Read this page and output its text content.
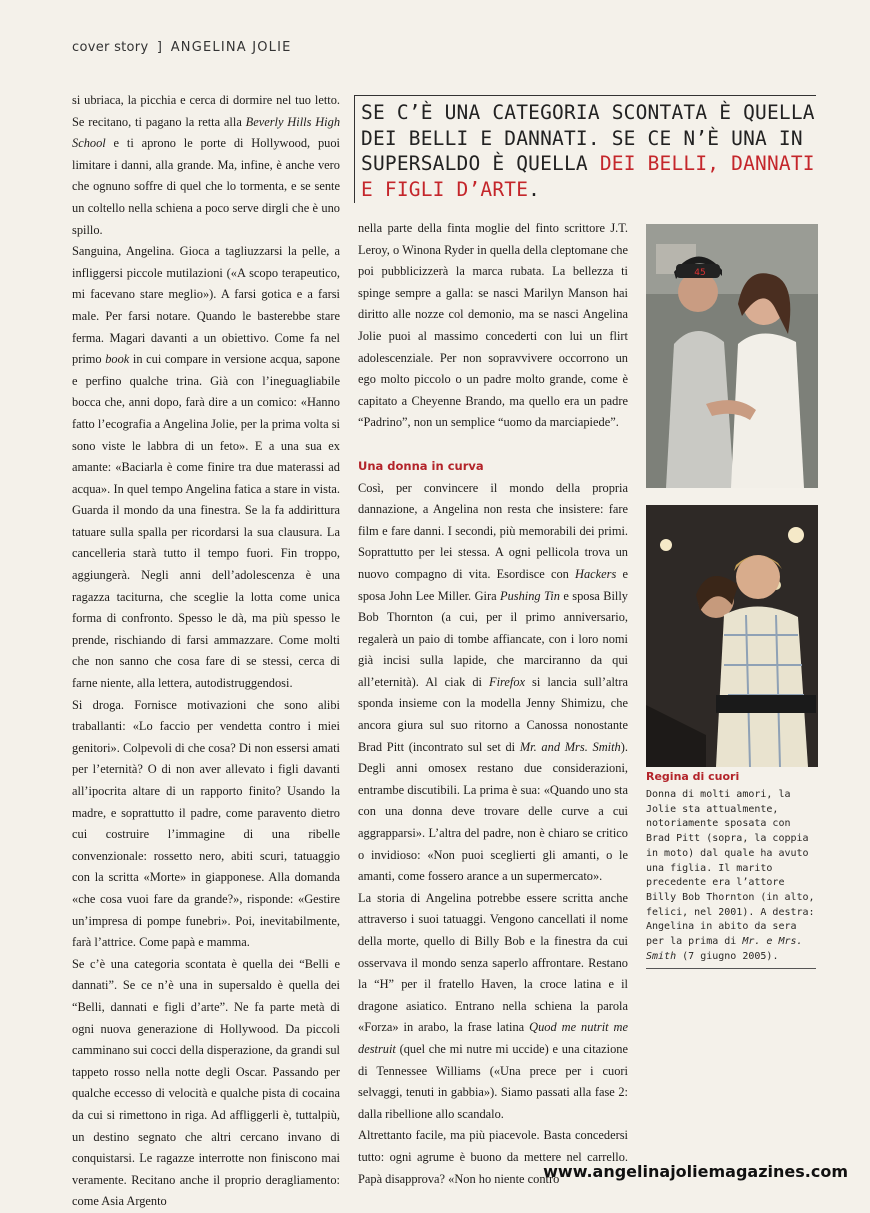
cover story ] ANGELINA JOLIE

si ubriaca, la picchia e cerca di dormire nel tuo letto. Se recitano, ti pagano la retta alla Beverly Hills High School e ti aprono le porte di Hollywood, puoi limitare i danni, alla grande. Ma, infine, è anche vero che ognuno soffre di quel che lo tormenta, e se sente un coltello nella schiena a poco serve dirgli che è uno spillo.

Sanguina, Angelina. Gioca a tagliuzzarsi la pelle, a infliggersi piccole mutilazioni («A scopo terapeutico, mi facevano stare meglio»). A farsi gotica e a farsi male. Per farsi notare. Quando le basterebbe stare ferma. Magari davanti a un obiettivo. Come fa nel primo book in cui compare in versione acqua, sapone e perfino qualche trina. Già con l’ineguagliabile bocca che, anni dopo, farà dire a un comico: «Hanno fatto l’ecografia a Angelina Jolie, per la prima volta si sono viste le labbra di un feto». E a una sua ex amante: «Baciarla è come finire tra due materassi ad acqua». In quel tempo Angelina fatica a stare in vista. Guarda il mondo da una finestra. Se la fa addirittura tatuare sulla spalla per ricordarsi la sua clausura. La cancelleria starà tutto il tempo fuori. Fin troppo, aggiungerà. Negli anni dell’adolescenza è una ragazza taciturna, che sceglie la lotta come unica forma di confronto. Spesso le dà, ma più spesso le prende, rischiando di farsi ammazzare. Come molti che non sanno che cosa fare di se stessi, cerca di farne niente, alla lettera, autodistruggendosi.

Si droga. Fornisce motivazioni che sono alibi traballanti: «Lo faccio per vendetta contro i miei genitori». Colpevoli di che cosa? Di non essersi amati per l’eternità? O di non aver allevato i figli davanti all’ipocrita altare di un rapporto finito? Usando la madre, e soprattutto il padre, come paravento dietro cui costruire l’immagine di una ribelle convenzionale: rossetto nero, abiti scuri, tatuaggio con la scritta «Morte» in giapponese. Alla domanda «che cosa vuoi fare da grande?», risponde: «Gestire un’impresa di pompe funebri». Poi, inevitabilmente, farà l’attrice. Come papà e mamma.

Se c’è una categoria scontata è quella dei “Belli e dannati”. Se ce n’è una in supersaldo è quella dei “Belli, dannati e figli d’arte”. Ne fa parte metà di ogni nuova generazione di Hollywood. Da piccoli camminano sui cocci della disperazione, da grandi sul tappeto rosso nella notte degli Oscar. Passando per qualche eccesso di velocità e qualche pista di cocaina da cui si rimettono in riga. Ad affliggerli è, tuttalpiù, un destino segnato che altri cercano invano di conquistarsi. Le ragazze interrotte non finiscono mai veramente. Recitano anche il proprio deragliamento: come Asia Argento

SE C’È UNA CATEGORIA SCONTATA È QUELLA DEI BELLI E DANNATI. SE CE N’È UNA IN SUPERSALDO È QUELLA DEI BELLI, DANNATI E FIGLI D’ARTE.

nella parte della finta moglie del finto scrittore J.T. Leroy, o Winona Ryder in quella della cleptomane che poi pubblicizzerà la marca rubata. La bellezza ti spinge sempre a galla: se nasci Marilyn Manson hai diritto alle nozze col demonio, ma se nasci Angelina Jolie puoi al massimo concederti con lui un flirt adolescenziale. Per non sopravvivere occorrono un ego molto piccolo o un padre molto grande, come è capitato a Cheyenne Brando, ma quello era un padre “Padrino”, non un semplice “uomo da marciapiede”.

Una donna in curva

Così, per convincere il mondo della propria dannazione, a Angelina non resta che insistere: fare film e fare danni. I secondi, più memorabili dei primi. Soprattutto per lei stessa. A ogni pellicola trova un nuovo compagno di vita. Esordisce con Hackers e sposa John Lee Miller. Gira Pushing Tin e sposa Billy Bob Thornton (a cui, per il primo anniversario, regalerà un paio di tombe affiancate, con i loro nomi già incisi sulla lapide, che marciranno da qui all’eternità). Al ciak di Firefox si lancia sull’altra sponda insieme con la modella Jenny Shimizu, che ancora giura sul suo ritorno a Canossa nonostante Brad Pitt (incontrato sul set di Mr. and Mrs. Smith). Degli anni omosex restano due considerazioni, entrambe discutibili. La prima è sua: «Quando uno sta con una donna deve trovare delle curve a cui aggrapparsi». L’altra del padre, non è chiaro se critico o invidioso: «Non puoi sceglierti gli amanti, o le amanti, come fossero arance a un supermercato».

La storia di Angelina potrebbe essere scritta anche attraverso i suoi tatuaggi. Vengono cancellati il nome della morte, quello di Billy Bob e la finestra da cui osservava il mondo senza saperlo affrontare. Restano la “H” per il fratello Haven, la croce latina e il dragone asiatico. Entrano nella schiena la parola «Forza» in arabo, la frase latina Quod me nutrit me destruit (quel che mi nutre mi uccide) e una citazione di Tennessee Williams («Una prece per i cuori selvaggi, tenuti in gabbia»). Siamo passati alla fase 2: dalla ribellione allo scandalo.

Altrettanto facile, ma più piacevole. Basta concedersi tutto: ogni agrume è buono da mettere nel carrello. Papà disapprova? «Non ho niente contro

45
Regina di cuori
Donna di molti amori, la Jolie sta attualmente, notoriamente sposata con Brad Pitt (sopra, la coppia in moto) dal quale ha avuto una figlia. Il marito precedente era l’attore Billy Bob Thornton (in alto, felici, nel 2001). A destra: Angelina in abito da sera per la prima di Mr. e Mrs. Smith (7 giugno 2005).
www.angelinajoliemagazines.com
